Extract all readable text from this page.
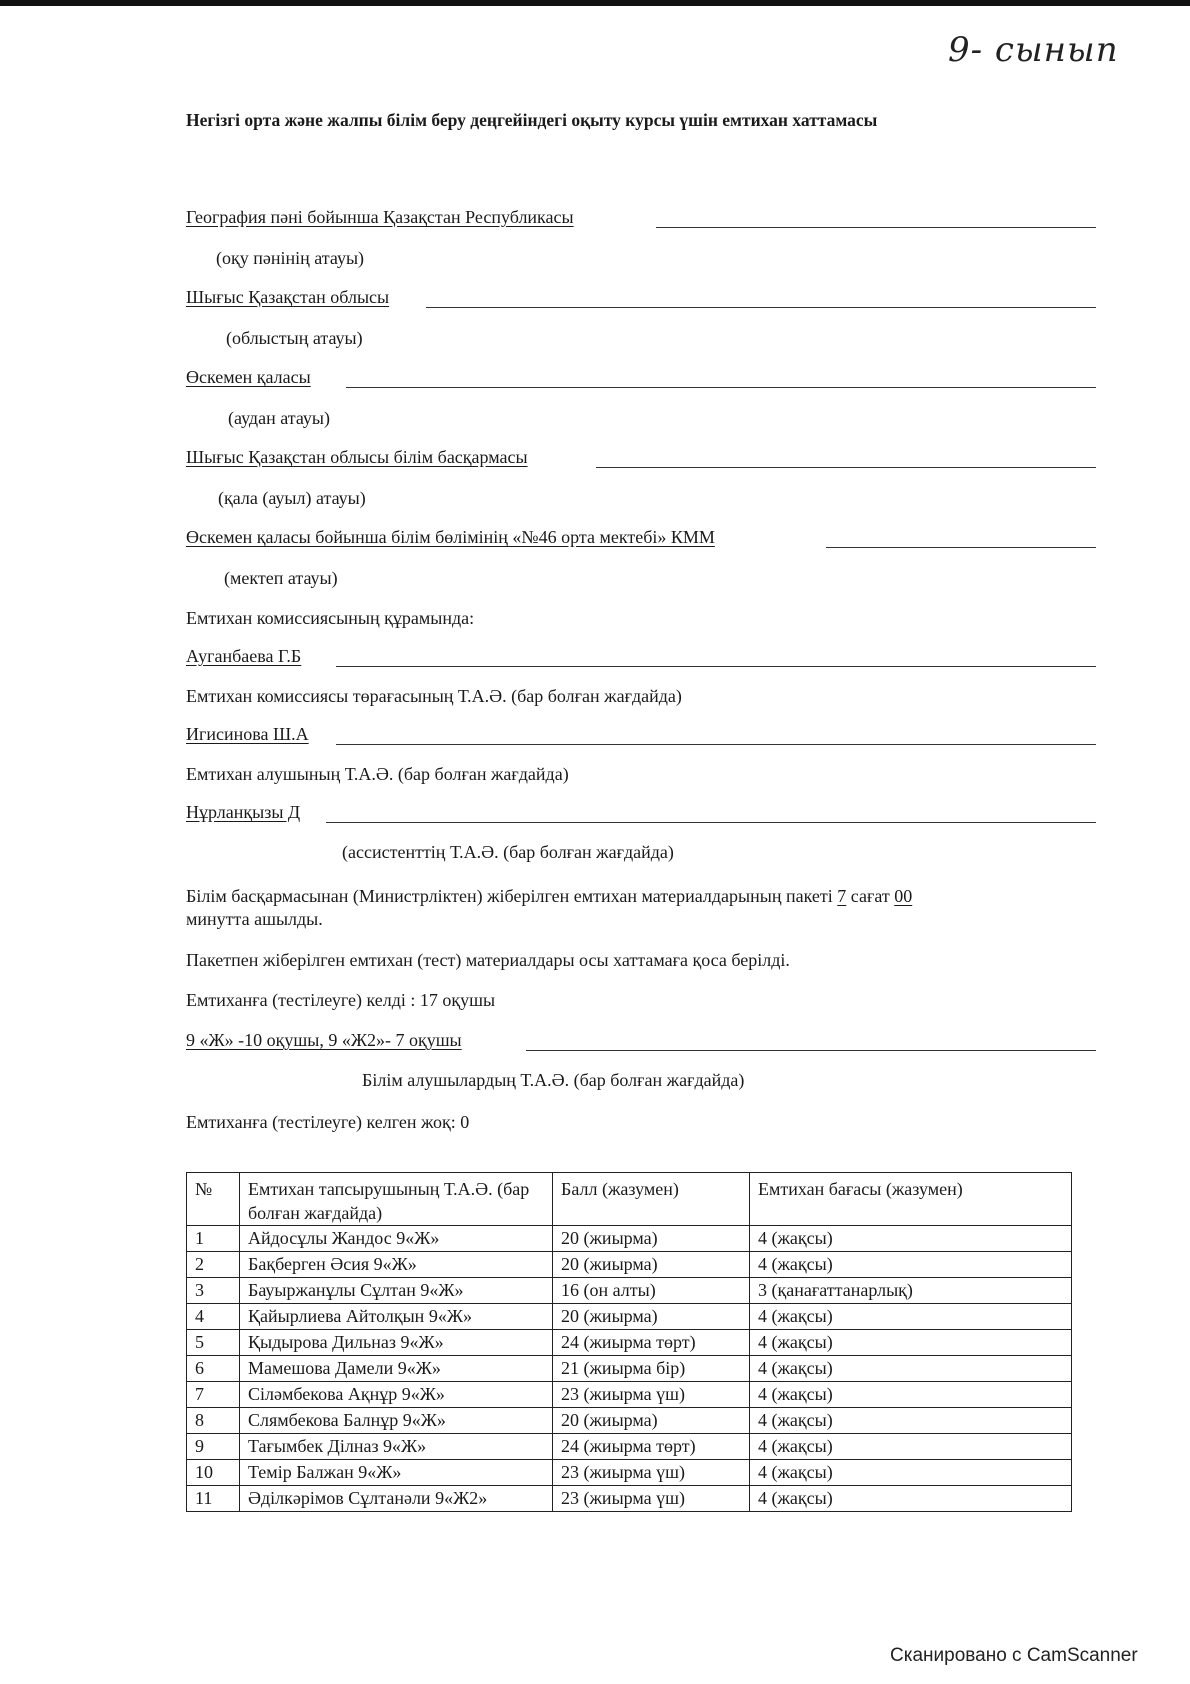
9- сынып
Негізгі орта және жалпы білім беру деңгейіндегі оқыту курсы үшін емтихан хаттамасы
География пәні бойынша Қазақстан Республикасы
(оқу пәнінің атауы)
Шығыс Қазақстан облысы
(облыстың атауы)
Өскемен қаласы
(аудан атауы)
Шығыс Қазақстан облысы білім басқармасы
(қала (ауыл) атауы)
Өскемен қаласы бойынша білім бөлімінің «№46 орта мектебі» КММ
(мектеп атауы)
Емтихан комиссиясының құрамында:
Ауганбаева Г.Б
Емтихан комиссиясы төрағасының Т.А.Ә. (бар болған жағдайда)
Игисинова Ш.А
Емтихан алушының Т.А.Ә. (бар болған жағдайда)
Нұрланқызы Д
(ассистенттің Т.А.Ә. (бар болған жағдайда)
Білім басқармасынан (Министрліктен) жіберілген емтихан материалдарының пакеті 7 сағат 00
минутта ашылды.
Пакетпен жіберілген емтихан (тест) материалдары осы хаттамаға қоса берілді.
Емтиханға (тестілеуге) келді : 17 оқушы
9 «Ж» -10 оқушы, 9 «Ж2»- 7 оқушы
Білім алушылардың Т.А.Ә. (бар болған жағдайда)
Емтиханға (тестілеуге) келген жоқ: 0
№	Емтихан тапсырушының Т.А.Ә. (бар болған жағдайда)	Балл (жазумен)	Емтихан бағасы (жазумен)
1	Айдосұлы Жандос 9«Ж»	20 (жиырма)	4 (жақсы)
2	Бақберген Әсия 9«Ж»	20 (жиырма)	4 (жақсы)
3	Бауыржанұлы Сұлтан 9«Ж»	16 (он алты)	3 (қанағаттанарлық)
4	Қайырлиева Айтолқын 9«Ж»	20 (жиырма)	4 (жақсы)
5	Қыдырова Дильназ 9«Ж»	24 (жиырма төрт)	4 (жақсы)
6	Мамешова Дамели 9«Ж»	21 (жиырма бір)	4 (жақсы)
7	Сіләмбекова Ақнұр 9«Ж»	23 (жиырма үш)	4 (жақсы)
8	Слямбекова Балнұр 9«Ж»	20 (жиырма)	4 (жақсы)
9	Тағымбек Ділназ 9«Ж»	24 (жиырма төрт)	4 (жақсы)
10	Темір Балжан 9«Ж»	23 (жиырма үш)	4 (жақсы)
11	Әділкәрімов Сұлтанәли 9«Ж2»	23 (жиырма үш)	4 (жақсы)
Сканировано с CamScanner
